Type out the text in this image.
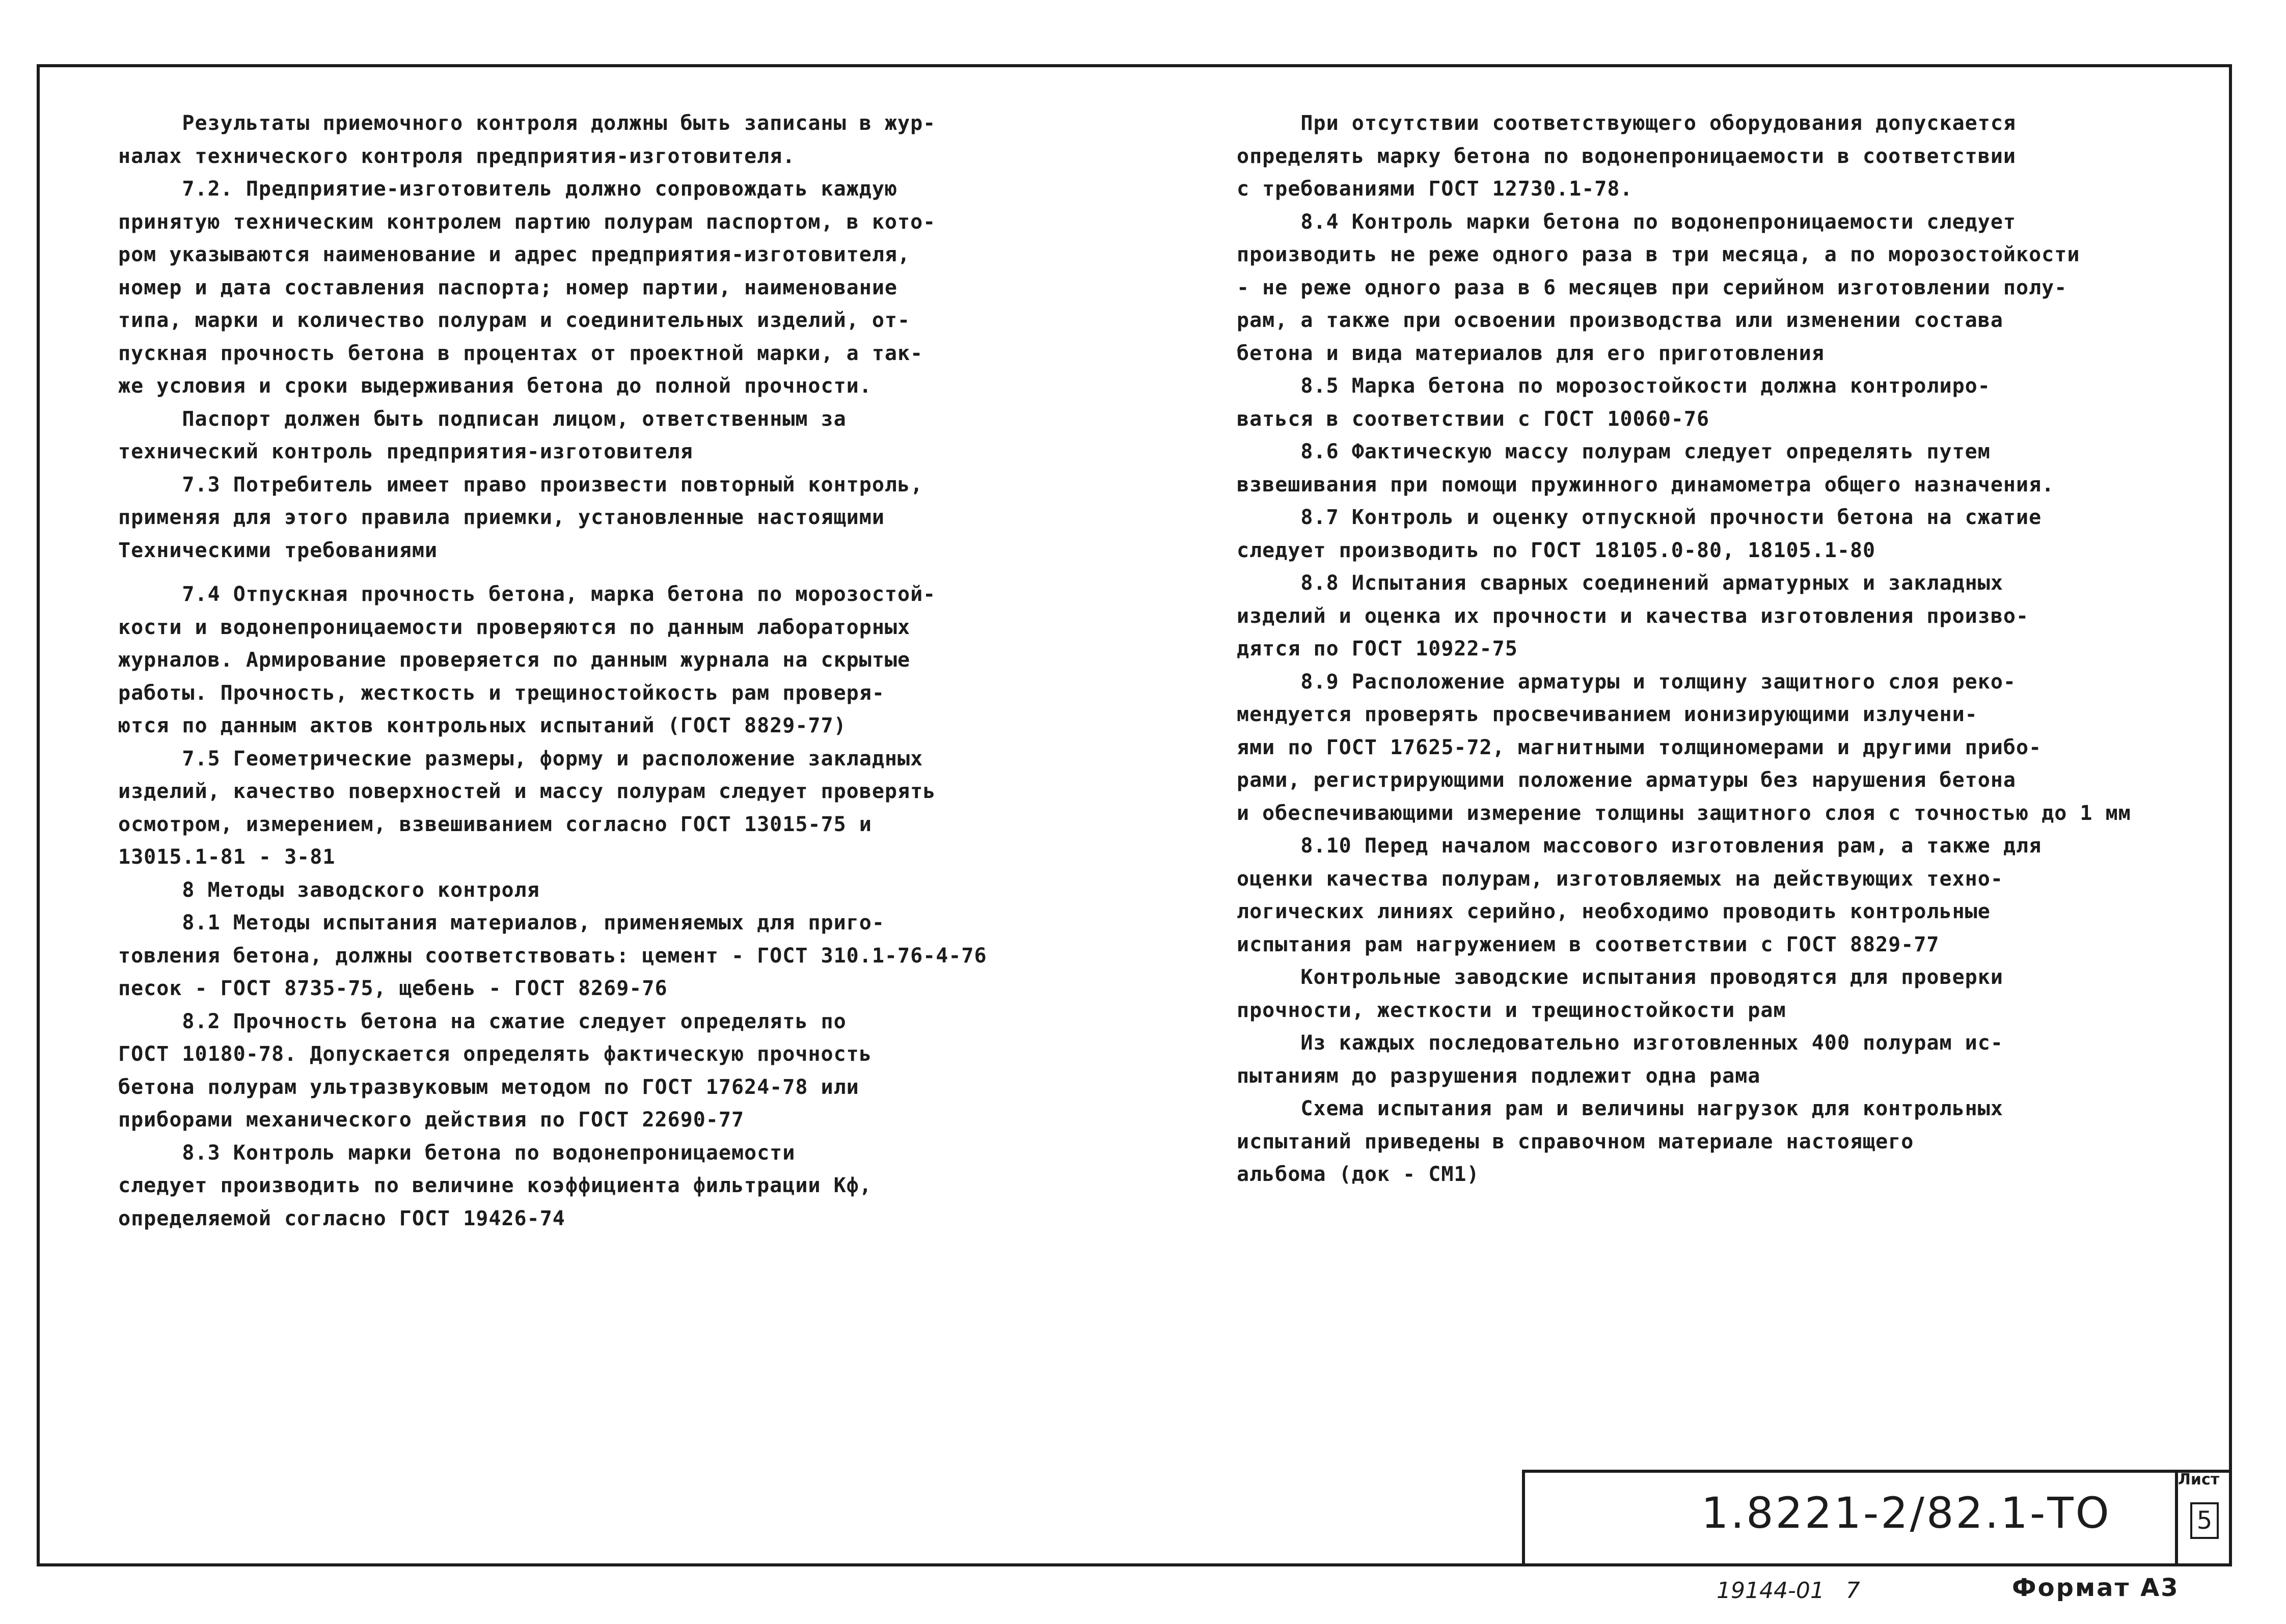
Результаты приемочного контроля должны быть записаны в жур-
налах технического контроля предприятия-изготовителя.
7.2. Предприятие-изготовитель должно сопровождать каждую
принятую техническим контролем партию полурам паспортом, в кото-
ром указываются наименование и адрес предприятия-изготовителя,
номер и дата составления паспорта; номер партии, наименование
типа, марки и количество полурам и соединительных изделий, от-
пускная прочность бетона в процентах от проектной марки, а так-
же условия и сроки выдерживания бетона до полной прочности.
Паспорт должен быть подписан лицом, ответственным за
технический контроль предприятия-изготовителя
7.3 Потребитель имеет право произвести повторный контроль,
применяя для этого правила приемки, установленные настоящими
Техническими требованиями
7.4 Отпускная прочность бетона, марка бетона по морозостой-
кости и водонепроницаемости проверяются по данным лабораторных
журналов. Армирование проверяется по данным журнала на скрытые
работы. Прочность, жесткость и трещиностойкость рам проверя-
ются по данным актов контрольных испытаний (ГОСТ 8829-77)
7.5 Геометрические размеры, форму и расположение закладных
изделий, качество поверхностей и массу полурам следует проверять
осмотром, измерением, взвешиванием согласно ГОСТ 13015-75 и
13015.1-81 - 3-81
8 Методы заводского контроля
8.1 Методы испытания материалов, применяемых для приго-
товления бетона, должны соответствовать: цемент - ГОСТ 310.1-76-4-76
песок - ГОСТ 8735-75, щебень - ГОСТ 8269-76
8.2 Прочность бетона на сжатие следует определять по
ГОСТ 10180-78. Допускается определять фактическую прочность
бетона полурам ультразвуковым методом по ГОСТ 17624-78 или
приборами механического действия по ГОСТ 22690-77
8.3 Контроль марки бетона по водонепроницаемости
следует производить по величине коэффициента фильтрации Кф,
определяемой согласно ГОСТ 19426-74
При отсутствии соответствующего оборудования допускается
определять марку бетона по водонепроницаемости в соответствии
с требованиями ГОСТ 12730.1-78.
8.4 Контроль марки бетона по водонепроницаемости следует
производить не реже одного раза в три месяца, а по морозостойкости
- не реже одного раза в 6 месяцев при серийном изготовлении полу-
рам, а также при освоении производства или изменении состава
бетона и вида материалов для его приготовления
8.5 Марка бетона по морозостойкости должна контролиро-
ваться в соответствии с ГОСТ 10060-76
8.6 Фактическую массу полурам следует определять путем
взвешивания при помощи пружинного динамометра общего назначения.
8.7 Контроль и оценку отпускной прочности бетона на сжатие
следует производить по ГОСТ 18105.0-80, 18105.1-80
8.8 Испытания сварных соединений арматурных и закладных
изделий и оценка их прочности и качества изготовления произво-
дятся по ГОСТ 10922-75
8.9 Расположение арматуры и толщину защитного слоя реко-
мендуется проверять просвечиванием ионизирующими излучени-
ями по ГОСТ 17625-72, магнитными толщиномерами и другими прибо-
рами, регистрирующими положение арматуры без нарушения бетона
и обеспечивающими измерение толщины защитного слоя с точностью до 1 мм
8.10 Перед началом массового изготовления рам, а также для
оценки качества полурам, изготовляемых на действующих техно-
логических линиях серийно, необходимо проводить контрольные
испытания рам нагружением в соответствии с ГОСТ 8829-77
Контрольные заводские испытания проводятся для проверки
прочности, жесткости и трещиностойкости рам
Из каждых последовательно изготовленных 400 полурам ис-
пытаниям до разрушения подлежит одна рама
Схема испытания рам и величины нагрузок для контрольных
испытаний приведены в справочном материале настоящего
альбома (док - СМ1)
1.8221-2/82.1-ТО
Лист
5
19144-01   7	Формат А3
